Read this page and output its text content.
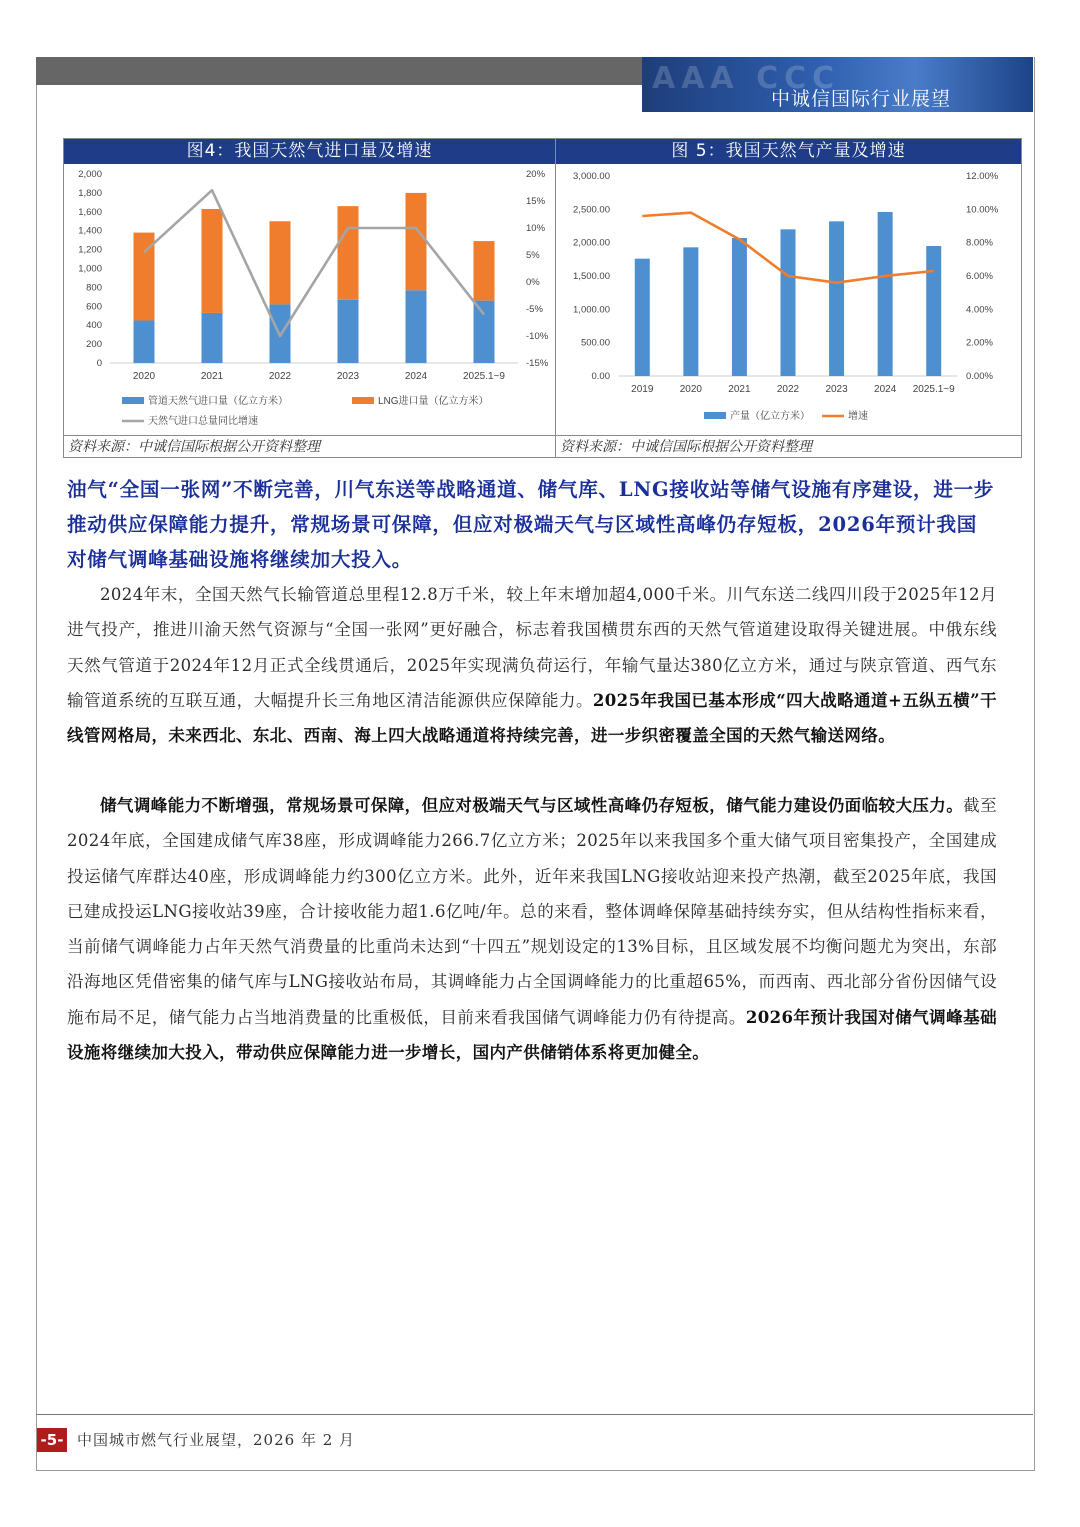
AAA CCC
中诚信国际行业展望
图4：我国天然气进口量及增速
0
200
400
600
800
1,000
1,200
1,400
1,600
1,800
2,000
-15%
-10%
-5%
0%
5%
10%
15%
20%
2020	2021	2022	2023	2024	2025.1~9
管道天然气进口量（亿立方米）	LNG进口量（亿立方米）
天然气进口总量同比增速
资料来源：中诚信国际根据公开资料整理
图 5：我国天然气产量及增速
0.00
500.00
1,000.00
1,500.00
2,000.00
2,500.00
3,000.00
0.00%
2.00%
4.00%
6.00%
8.00%
10.00%
12.00%
2019	2020	2021	2022	2023	2024 2025.1~9
产量（亿立方米）	增速
资料来源：中诚信国际根据公开资料整理
油气“全国一张网”不断完善，川气东送等战略通道、储气库、LNG接收站等储气设施有序建设，进一步推动供应保障能力提升，常规场景可保障，但应对极端天气与区域性高峰仍存短板，2026年预计我国对储气调峰基础设施将继续加大投入。
2024年末，全国天然气长输管道总里程12.8万千米，较上年末增加超4,000千米。川气东送二线四川段于2025年12月进气投产，推进川渝天然气资源与“全国一张网”更好融合，标志着我国横贯东西的天然气管道建设取得关键进展。中俄东线天然气管道于2024年12月正式全线贯通后，2025年实现满负荷运行，年输气量达380亿立方米，通过与陕京管道、西气东输管道系统的互联互通，大幅提升长三角地区清洁能源供应保障能力。2025年我国已基本形成“四大战略通道+五纵五横”干线管网格局，未来西北、东北、西南、海上四大战略通道将持续完善，进一步织密覆盖全国的天然气输送网络。
储气调峰能力不断增强，常规场景可保障，但应对极端天气与区域性高峰仍存短板，储气能力建设仍面临较大压力。截至2024年底，全国建成储气库38座，形成调峰能力266.7亿立方米；2025年以来我国多个重大储气项目密集投产，全国建成投运储气库群达40座，形成调峰能力约300亿立方米。此外，近年来我国LNG接收站迎来投产热潮，截至2025年底，我国已建成投运LNG接收站39座，合计接收能力超1.6亿吨/年。总的来看，整体调峰保障基础持续夯实，但从结构性指标来看，当前储气调峰能力占年天然气消费量的比重尚未达到“十四五”规划设定的13%目标，且区域发展不均衡问题尤为突出，东部沿海地区凭借密集的储气库与LNG接收站布局，其调峰能力占全国调峰能力的比重超65%，而西南、西北部分省份因储气设施布局不足，储气能力占当地消费量的比重极低，目前来看我国储气调峰能力仍有待提高。2026年预计我国对储气调峰基础设施将继续加大投入，带动供应保障能力进一步增长，国内产供储销体系将更加健全。
-5- 中国城市燃气行业展望，2026 年 2 月
